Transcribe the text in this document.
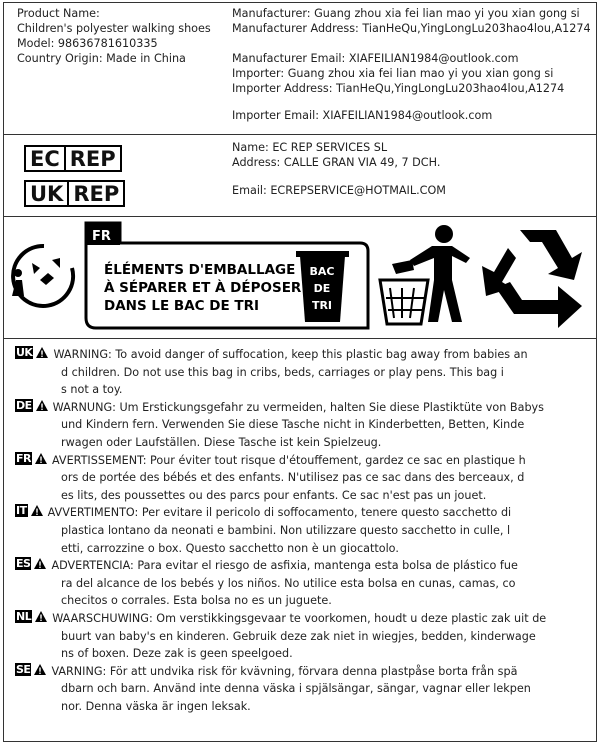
Product Name:
Children's polyester walking shoes
Model: 98636781610335
Country Origin: Made in China
Manufacturer: Guang zhou xia fei lian mao yi you xian gong si
Manufacturer Address: TianHeQu,YingLongLu203hao4lou,A1274
Manufacturer Email: XIAFEILIAN1984@outlook.com
Importer: Guang zhou xia fei lian mao yi you xian gong si
Importer Address: TianHeQu,YingLongLu203hao4lou,A1274
Importer Email: XIAFEILIAN1984@outlook.com
EC REP
UK REP
Name: EC REP SERVICES SL
Address: CALLE GRAN VIA 49, 7 DCH.
Email: ECREPSERVICE@HOTMAIL.COM
FR
ÉLÉMENTS D'EMBALLAGE
À SÉPARER ET À DÉPOSER
DANS LE BAC DE TRI
BAC
DE
TRI
UK WARNING: To avoid danger of suffocation, keep this plastic bag away from babies an
d children. Do not use this bag in cribs, beds, carriages or play pens. This bag i
s not a toy.
DE WARNUNG: Um Erstickungsgefahr zu vermeiden, halten Sie diese Plastiktüte von Babys
und Kindern fern. Verwenden Sie diese Tasche nicht in Kinderbetten, Betten, Kinde
rwagen oder Laufställen. Diese Tasche ist kein Spielzeug.
FR AVERTISSEMENT: Pour éviter tout risque d'étouffement, gardez ce sac en plastique h
ors de portée des bébés et des enfants. N'utilisez pas ce sac dans des berceaux, d
es lits, des poussettes ou des parcs pour enfants. Ce sac n'est pas un jouet.
IT AVVERTIMENTO: Per evitare il pericolo di soffocamento, tenere questo sacchetto di
plastica lontano da neonati e bambini. Non utilizzare questo sacchetto in culle, l
etti, carrozzine o box. Questo sacchetto non è un giocattolo.
ES ADVERTENCIA: Para evitar el riesgo de asfixia, mantenga esta bolsa de plástico fue
ra del alcance de los bebés y los niños. No utilice esta bolsa en cunas, camas, co
checitos o corrales. Esta bolsa no es un juguete.
NL WAARSCHUWING: Om verstikkingsgevaar te voorkomen, houdt u deze plastic zak uit de
buurt van baby's en kinderen. Gebruik deze zak niet in wiegjes, bedden, kinderwage
ns of boxen. Deze zak is geen speelgoed.
SE VARNING: För att undvika risk för kvävning, förvara denna plastpåse borta från spä
dbarn och barn. Använd inte denna väska i spjälsängar, sängar, vagnar eller lekpen
nor. Denna väska är ingen leksak.
